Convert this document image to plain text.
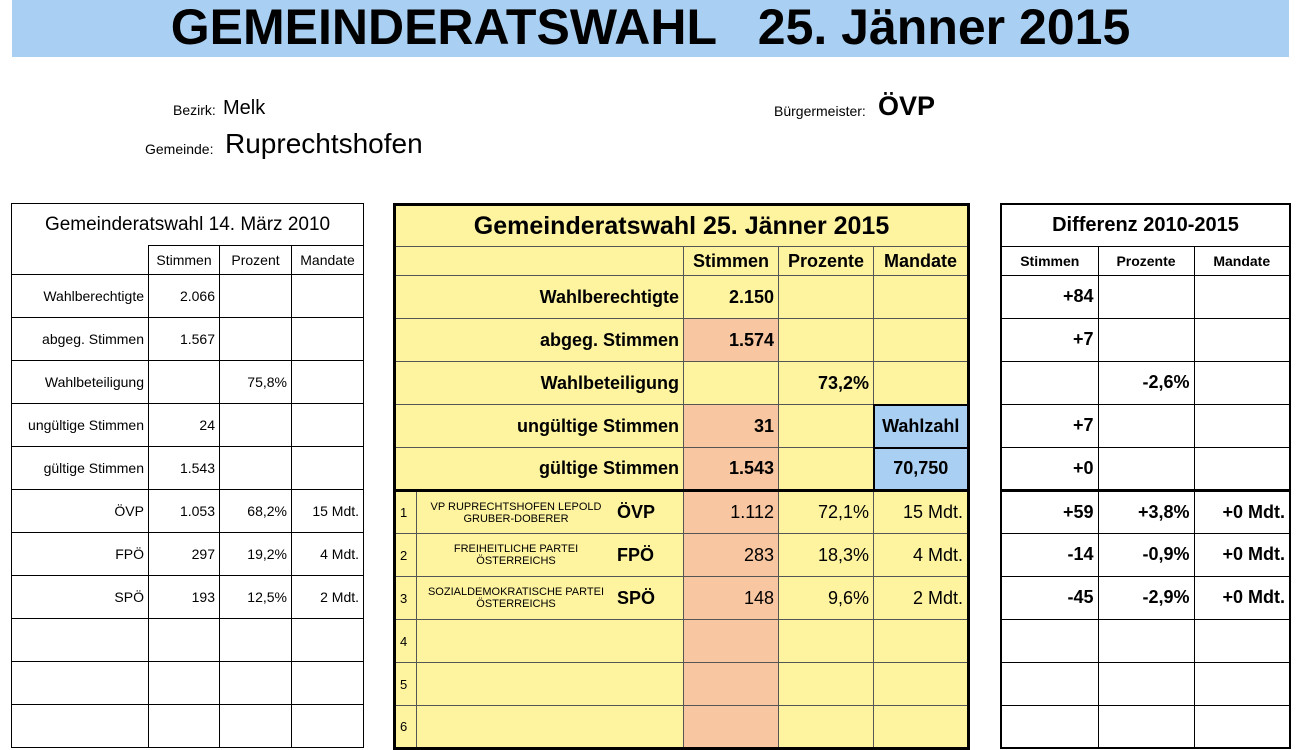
GEMEINDERATSWAHL   25. Jänner 2015
Bezirk: Melk
Gemeinde: Ruprechtshofen
Bürgermeister: ÖVP
Gemeinderatswahl 14. März 2010			
	Stimmen	Prozent	Mandate
Wahlberechtigte	2.066		
abgeg. Stimmen	1.567		
Wahlbeteiligung		75,8%	
ungültige Stimmen	24		
gültige Stimmen	1.543		
ÖVP	1.053	68,2%	15 Mdt.
FPÖ	297	19,2%	4 Mdt.
SPÖ	193	12,5%	2 Mdt.

Gemeinderatswahl 25. Jänner 2015				
		Stimmen	Prozente	Mandate
Wahlberechtigte		2.150		
abgeg. Stimmen		1.574		
Wahlbeteiligung			73,2%	
ungültige Stimmen		31		Wahlzahl
gültige Stimmen		1.543		70,750
1	VP RUPRECHTSHOFEN LEPOLD GRUBER-DOBERER ÖVP	1.112	72,1%	15 Mdt.
2	FREIHEITLICHE PARTEI ÖSTERREICHS FPÖ	283	18,3%	4 Mdt.
3	SOZIALDEMOKRATISCHE PARTEI ÖSTERREICHS SPÖ	148	9,6%	2 Mdt.
4				
5				
6				
Differenz 2010-2015		
Stimmen	Prozente	Mandate
+84		
+7		
	-2,6%	
+7		
+0		
+59	+3,8%	+0 Mdt.
-14	-0,9%	+0 Mdt.
-45	-2,9%	+0 Mdt.
